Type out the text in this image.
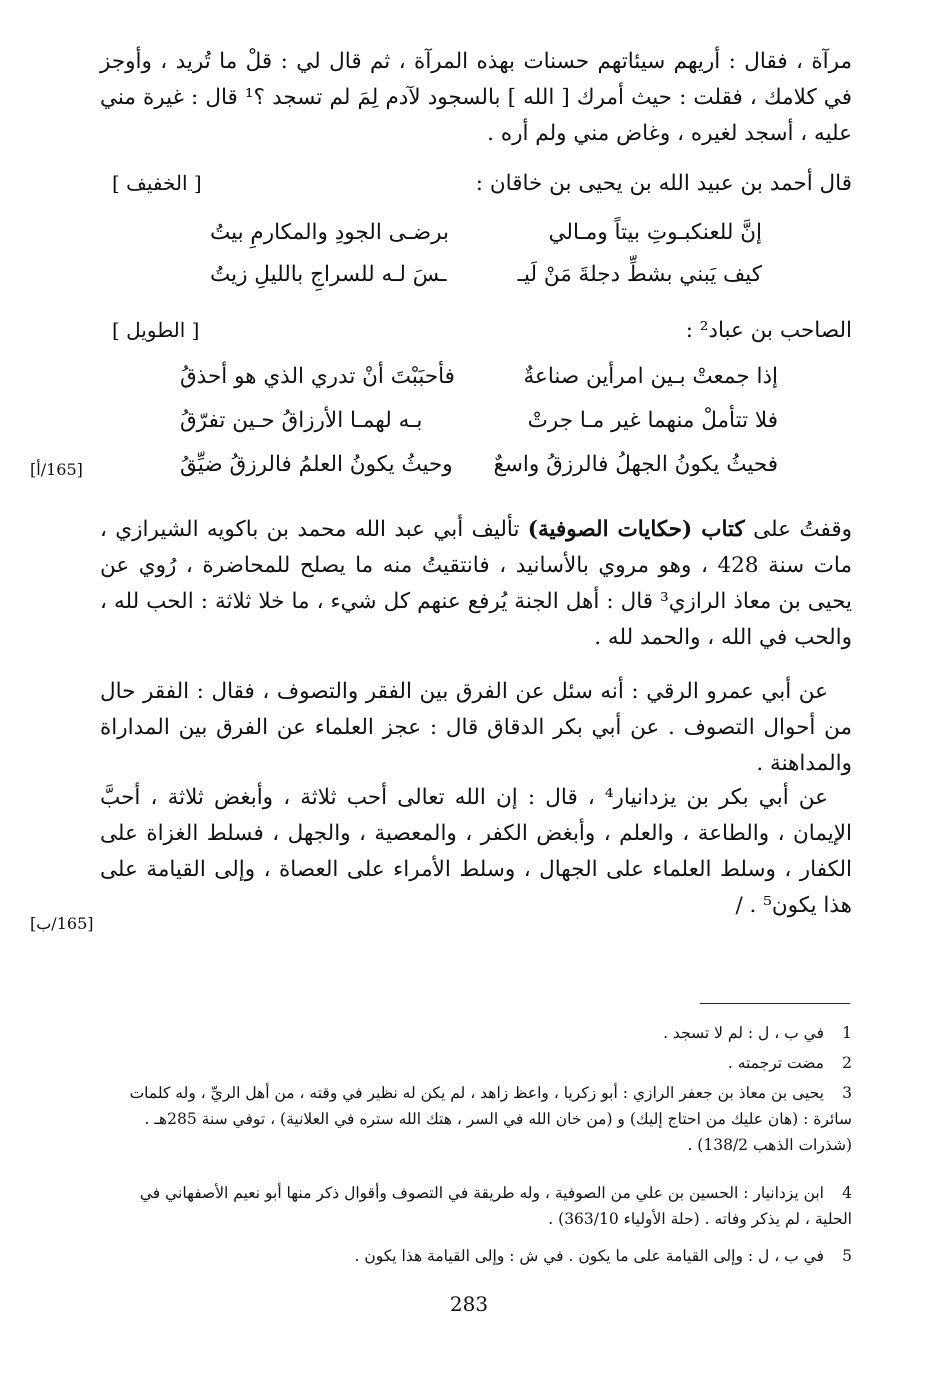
مرآة ، فقال : أريهم سيئاتهم حسنات بهذه المرآة ، ثم قال لي : قلْ ما تُريد ، وأوجز في كلامك ، فقلت : حيث أمرك [ الله ] بالسجود لآدم لِمَ لم تسجد ؟¹ قال : غيرة مني عليه ، أسجد لغيره ، وغاض مني ولم أره .

قال أحمد بن عبيد الله بن يحيى بن خاقان :
[ الخفيف ]
إنَّ للعنكبـوتِ بيتاً ومـالي
برضـى الجودِ والمكارمِ بيتُ
كيف يَبني بشطِّ دجلةَ مَنْ لَيـ
ـسَ لـه للسراجِ بالليلِ زيتُ
الصاحب بن عباد² :
[ الطويل ]
إذا جمعتْ بـين امرأين صناعةٌ
فأحبَبْتَ أنْ تدري الذي هو أحذقُ
فلا تتأملْ منهما غير مـا جرتْ
بـه لهمـا الأرزاقُ حـين تفرّقُ
فحيثُ يكونُ الجهلُ فالرزقُ واسعٌ
وحيثُ يكونُ العلمُ فالرزقُ ضيِّقُ
[165/أ]

وقفتُ على كتاب (حكايات الصوفية) تأليف أبي عبد الله محمد بن باكويه الشيرازي ، مات سنة 428 ، وهو مروي بالأسانيد ، فانتقيتُ منه ما يصلح للمحاضرة ، رُوي عن يحيى بن معاذ الرازي³ قال : أهل الجنة يُرفع عنهم كل شيء ، ما خلا ثلاثة : الحب لله ، والحب في الله ، والحمد لله .

عن أبي عمرو الرقي : أنه سئل عن الفرق بين الفقر والتصوف ، فقال : الفقر حال من أحوال التصوف . عن أبي بكر الدقاق قال : عجز العلماء عن الفرق بين المداراة والمداهنة .

عن أبي بكر بن يزدانيار⁴ ، قال : إن الله تعالى أحب ثلاثة ، وأبغض ثلاثة ، أحبَّ الإيمان ، والطاعة ، والعلم ، وأبغض الكفر ، والمعصية ، والجهل ، فسلط الغزاة على الكفار ، وسلط العلماء على الجهال ، وسلط الأمراء على العصاة ، وإلى القيامة على هذا يكون⁵ . /

[165/ب]
1في ب ، ل : لم لا تسجد .
2مضت ترجمته .
3يحيى بن معاذ بن جعفر الرازي : أبو زكريا ، واعظ زاهد ، لم يكن له نظير في وقته ، من أهل الريِّ ، وله كلمات سائرة : (هان عليك من احتاج إليك) و (من خان الله في السر ، هتك الله ستره في العلانية) ، توفي سنة 285هـ . (شذرات الذهب 138/2) .
4ابن يزدانيار : الحسين بن علي من الصوفية ، وله طريقة في التصوف وأقوال ذكر منها أبو نعيم الأصفهاني في الحلية ، لم يذكر وفاته . (حلة الأولياء 363/10) .
5في ب ، ل : وإلى القيامة على ما يكون . في ش : وإلى القيامة هذا يكون .
283
